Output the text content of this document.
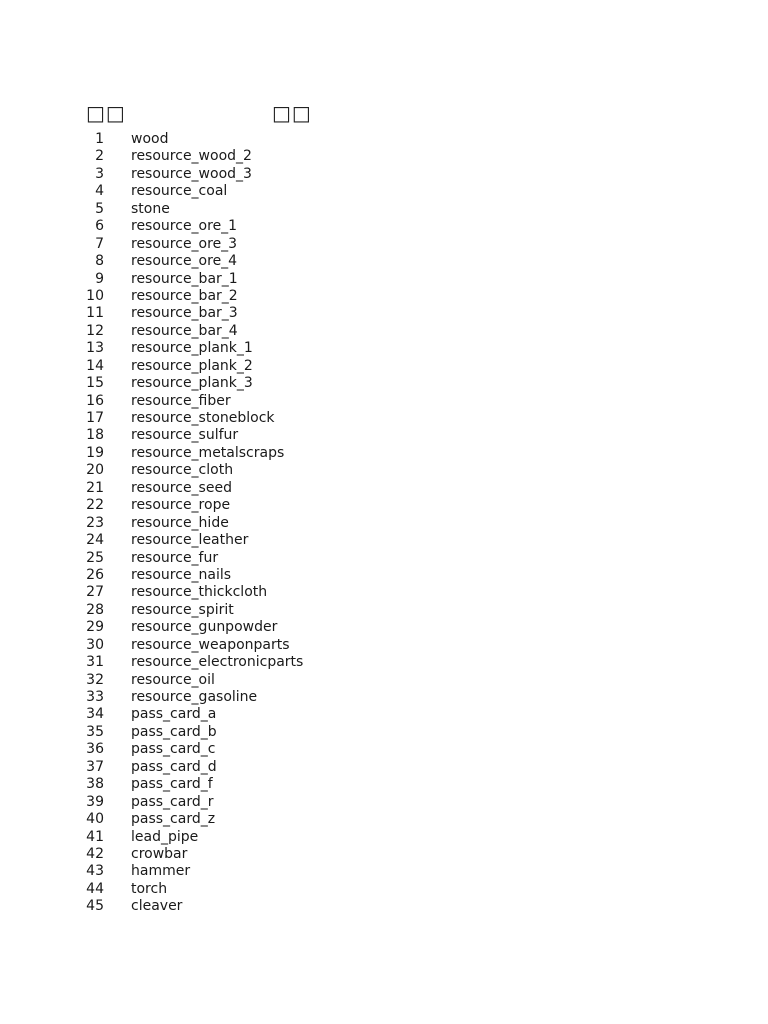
□□	□□
1 wood
2 resource_wood_2
3 resource_wood_3
4 resource_coal
5 stone
6 resource_ore_1
7 resource_ore_3
8 resource_ore_4
9 resource_bar_1
10 resource_bar_2
11 resource_bar_3
12 resource_bar_4
13 resource_plank_1
14 resource_plank_2
15 resource_plank_3
16 resource_fiber
17 resource_stoneblock
18 resource_sulfur
19 resource_metalscraps
20 resource_cloth
21 resource_seed
22 resource_rope
23 resource_hide
24 resource_leather
25 resource_fur
26 resource_nails
27 resource_thickcloth
28 resource_spirit
29 resource_gunpowder
30 resource_weaponparts
31 resource_electronicparts
32 resource_oil
33 resource_gasoline
34 pass_card_a
35 pass_card_b
36 pass_card_c
37 pass_card_d
38 pass_card_f
39 pass_card_r
40 pass_card_z
41 lead_pipe
42 crowbar
43 hammer
44 torch
45 cleaver
